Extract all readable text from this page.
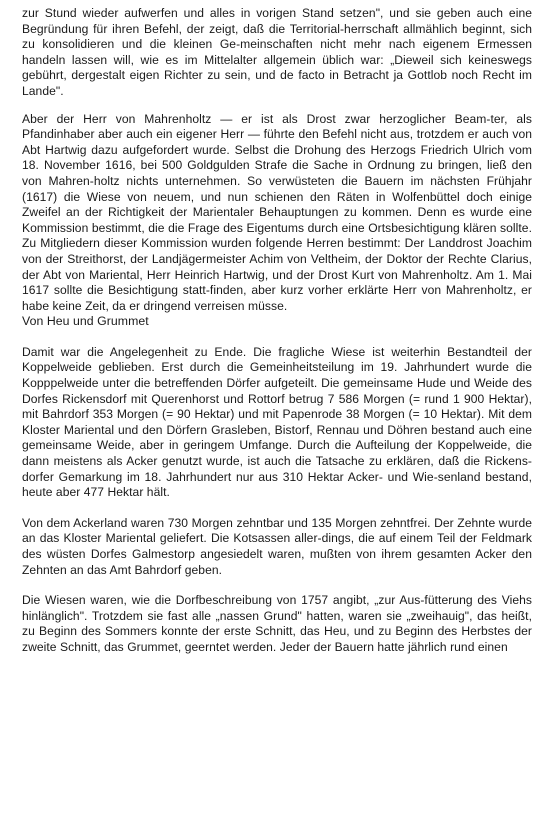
zur Stund wieder aufwerfen und alles in vorigen Stand setzen", und sie geben auch eine Begründung für ihren Befehl, der zeigt, daß die Territorial-herrschaft allmählich beginnt, sich zu konsolidieren und die kleinen Ge-meinschaften nicht mehr nach eigenem Ermessen handeln lassen will, wie es im Mittelalter allgemein üblich war: „Dieweil sich keineswegs gebührt, dergestalt eigen Richter zu sein, und de facto in Betracht ja Gottlob noch Recht im Lande".

Aber der Herr von Mahrenholtz — er ist als Drost zwar herzoglicher Beam-ter, als Pfandinhaber aber auch ein eigener Herr — führte den Befehl nicht aus, trotzdem er auch von Abt Hartwig dazu aufgefordert wurde. Selbst die Drohung des Herzogs Friedrich Ulrich vom 18. November 1616, bei 500 Goldgulden Strafe die Sache in Ordnung zu bringen, ließ den von Mahren-holtz nichts unternehmen. So verwüsteten die Bauern im nächsten Frühjahr (1617) die Wiese von neuem, und nun schienen den Räten in Wolfenbüttel doch einige Zweifel an der Richtigkeit der Marientaler Behauptungen zu kommen. Denn es wurde eine Kommission bestimmt, die die Frage des Eigentums durch eine Ortsbesichtigung klären sollte. Zu Mitgliedern dieser Kommission wurden folgende Herren bestimmt: Der Landdrost Joachim von der Streithorst, der Landjägermeister Achim von Veltheim, der Doktor der Rechte Clarius, der Abt von Mariental, Herr Heinrich Hartwig, und der Drost Kurt von Mahrenholtz. Am 1. Mai 1617 sollte die Besichtigung statt-finden, aber kurz vorher erklärte Herr von Mahrenholtz, er habe keine Zeit, da er dringend verreisen müsse.

Von Heu und Grummet

Damit war die Angelegenheit zu Ende. Die fragliche Wiese ist weiterhin Bestandteil der Koppelweide geblieben. Erst durch die Gemeinheitsteilung im 19. Jahrhundert wurde die Kopppelweide unter die betreffenden Dörfer aufgeteilt. Die gemeinsame Hude und Weide des Dorfes Rickensdorf mit Querenhorst und Rottorf betrug 7 586 Morgen (= rund 1 900 Hektar), mit Bahrdorf 353 Morgen (= 90 Hektar) und mit Papenrode 38 Morgen (= 10 Hektar). Mit dem Kloster Mariental und den Dörfern Grasleben, Bistorf, Rennau und Döhren bestand auch eine gemeinsame Weide, aber in geringem Umfange. Durch die Aufteilung der Koppelweide, die dann meistens als Acker genutzt wurde, ist auch die Tatsache zu erklären, daß die Rickens-dorfer Gemarkung im 18. Jahrhundert nur aus 310 Hektar Acker- und Wie-senland bestand, heute aber 477 Hektar hält.

Von dem Ackerland waren 730 Morgen zehntbar und 135 Morgen zehntfrei. Der Zehnte wurde an das Kloster Mariental geliefert. Die Kotsassen aller-dings, die auf einem Teil der Feldmark des wüsten Dorfes Galmestorp angesiedelt waren, mußten von ihrem gesamten Acker den Zehnten an das Amt Bahrdorf geben.

Die Wiesen waren, wie die Dorfbeschreibung von 1757 angibt, „zur Aus-fütterung des Viehs hinlänglich". Trotzdem sie fast alle „nassen Grund" hatten, waren sie „zweihauig", das heißt, zu Beginn des Sommers konnte der erste Schnitt, das Heu, und zu Beginn des Herbstes der zweite Schnitt, das Grummet, geerntet werden. Jeder der Bauern hatte jährlich rund einen
